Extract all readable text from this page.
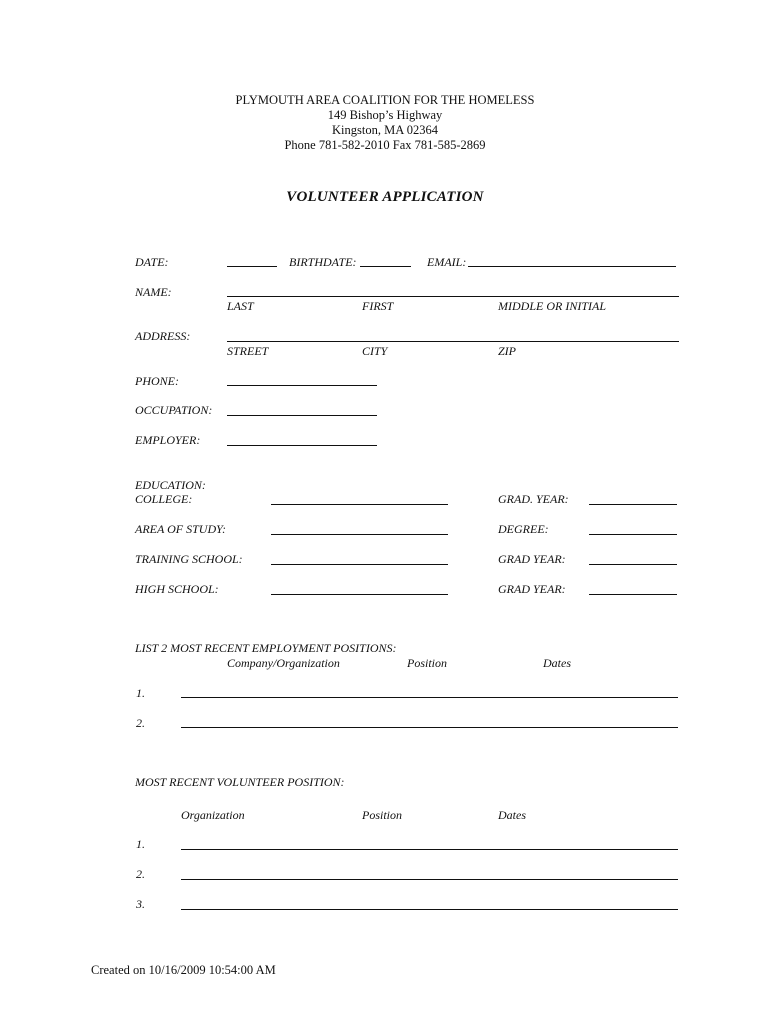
PLYMOUTH AREA COALITION FOR THE HOMELESS
149 Bishop’s Highway
Kingston, MA 02364
Phone 781-582-2010 Fax 781-585-2869
VOLUNTEER APPLICATION
DATE:	BIRTHDATE:	EMAIL:
NAME:
LAST	FIRST	MIDDLE OR INITIAL
ADDRESS:
STREET	CITY	ZIP
PHONE:
OCCUPATION:
EMPLOYER:
EDUCATION:
COLLEGE:	GRAD. YEAR:
AREA OF STUDY:	DEGREE:
TRAINING SCHOOL:	GRAD YEAR:
HIGH SCHOOL:	GRAD YEAR:
LIST 2 MOST RECENT EMPLOYMENT POSITIONS:
Company/Organization	Position	Dates
1.
2.
MOST RECENT VOLUNTEER POSITION:
Organization	Position	Dates
1.
2.
3.
Created on 10/16/2009 10:54:00 AM
